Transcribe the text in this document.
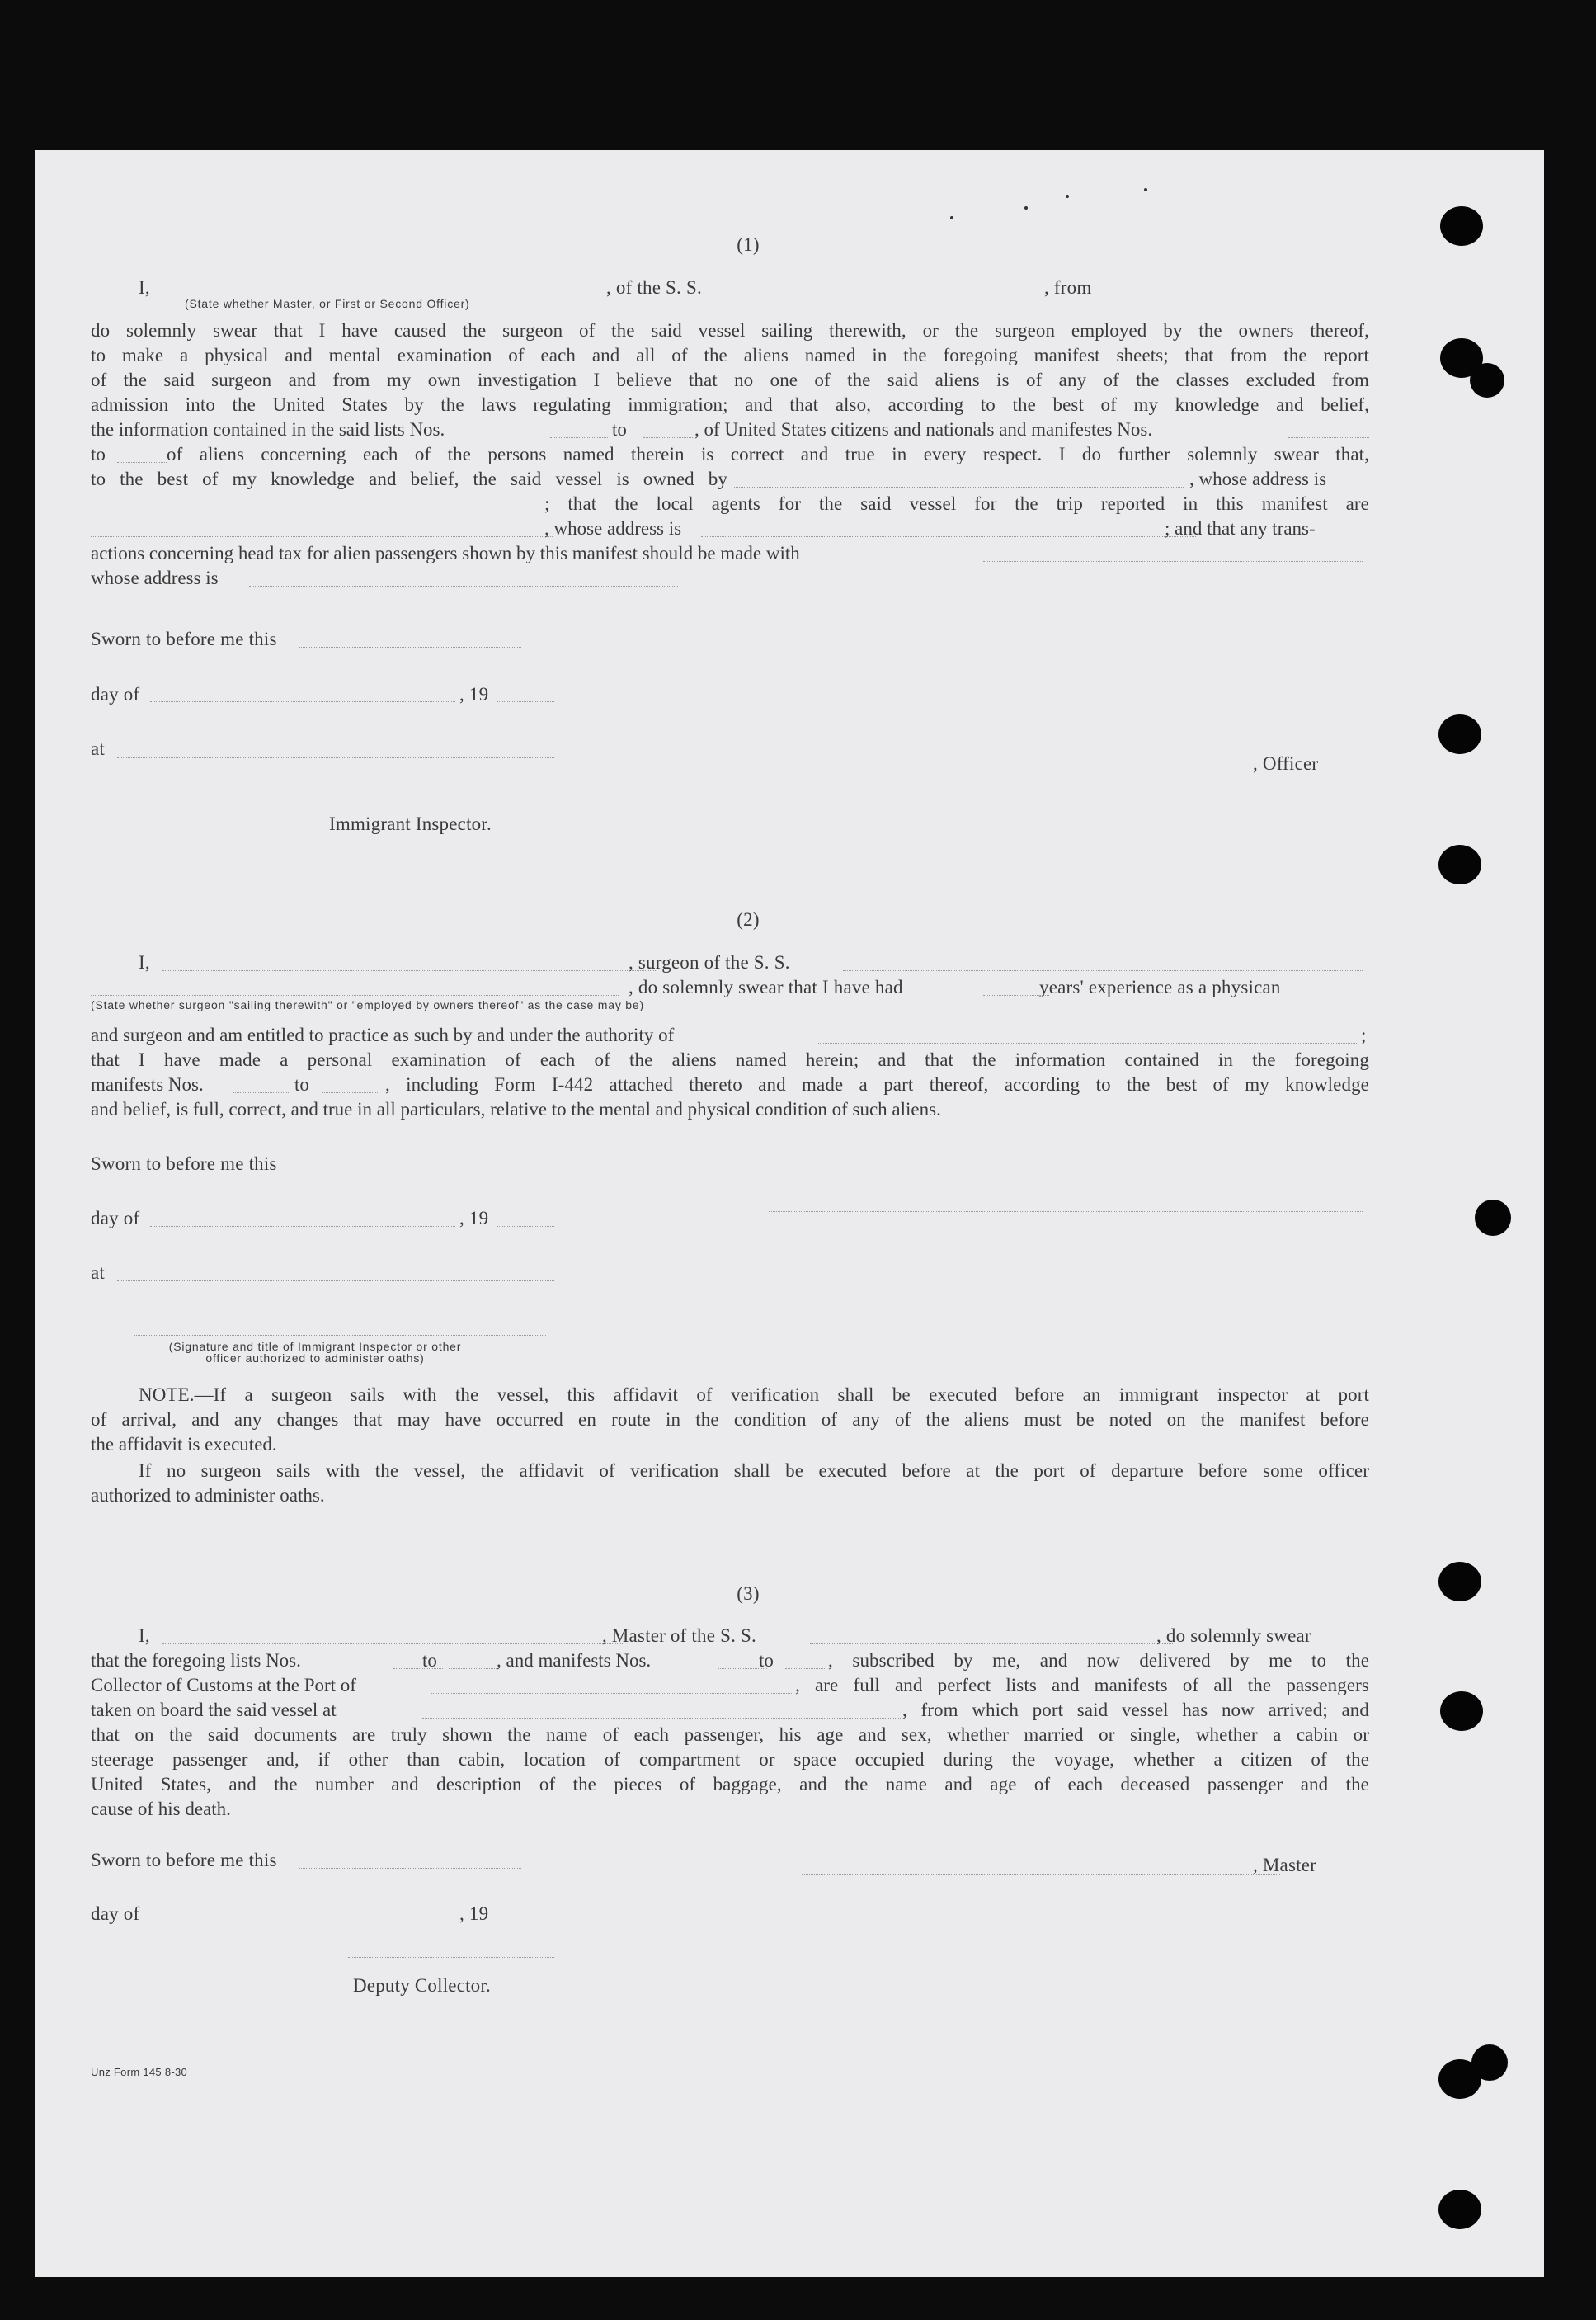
(1)
I,	, of the S. S.	, from
(State whether Master, or First or Second Officer)
do solemnly swear that I have caused the surgeon of the said vessel sailing therewith, or the surgeon employed by the owners thereof,
to make a physical and mental examination of each and all of the aliens named in the foregoing manifest sheets; that from the report
of the said surgeon and from my own investigation I believe that no one of the said aliens is of any of the classes excluded from
admission into the United States by the laws regulating immigration; and that also, according to the best of my knowledge and belief,
the information contained in the said lists Nos.	to	, of United States citizens and nationals and manifestes Nos.
to	of aliens concerning each of the persons named therein is correct and true in every respect. I do further solemnly swear that,
to the best of my knowledge and belief, the said vessel is owned by	, whose address is
; that the local agents for the said vessel for the trip reported in this manifest are
, whose address is	; and that any trans-
actions concerning head tax for alien passengers shown by this manifest should be made with
whose address is
Sworn to before me this
day of	, 19
at
, Officer
Immigrant Inspector.
(2)
I,	, surgeon of the S. S.
, do solemnly swear that I have had	years' experience as a physican
(State whether surgeon "sailing therewith" or "employed by owners thereof" as the case may be)
and surgeon and am entitled to practice as such by and under the authority of	;
that I have made a personal examination of each of the aliens named herein; and that the information contained in the foregoing
manifests Nos.	to	, including Form I-442 attached thereto and made a part thereof, according to the best of my knowledge
and belief, is full, correct, and true in all particulars, relative to the mental and physical condition of such aliens.
Sworn to before me this
day of	, 19
at
(Signature and title of Immigrant Inspector or other
officer authorized to administer oaths)
NOTE.—If a surgeon sails with the vessel, this affidavit of verification shall be executed before an immigrant inspector at port
of arrival, and any changes that may have occurred en route in the condition of any of the aliens must be noted on the manifest before
the affidavit is executed.
If no surgeon sails with the vessel, the affidavit of verification shall be executed before at the port of departure before some officer
authorized to administer oaths.
(3)
I,	, Master of the S. S.	, do solemnly swear
that the foregoing lists Nos.	to	, and manifests Nos.	to	, subscribed by me, and now delivered by me to the
Collector of Customs at the Port of	, are full and perfect lists and manifests of all the passengers
taken on board the said vessel at	, from which port said vessel has now arrived; and
that on the said documents are truly shown the name of each passenger, his age and sex, whether married or single, whether a cabin or
steerage passenger and, if other than cabin, location of compartment or space occupied during the voyage, whether a citizen of the
United States, and the number and description of the pieces of baggage, and the name and age of each deceased passenger and the
cause of his death.
Sworn to before me this	, Master
day of	, 19
Deputy Collector.
Unz Form 145 8-30
